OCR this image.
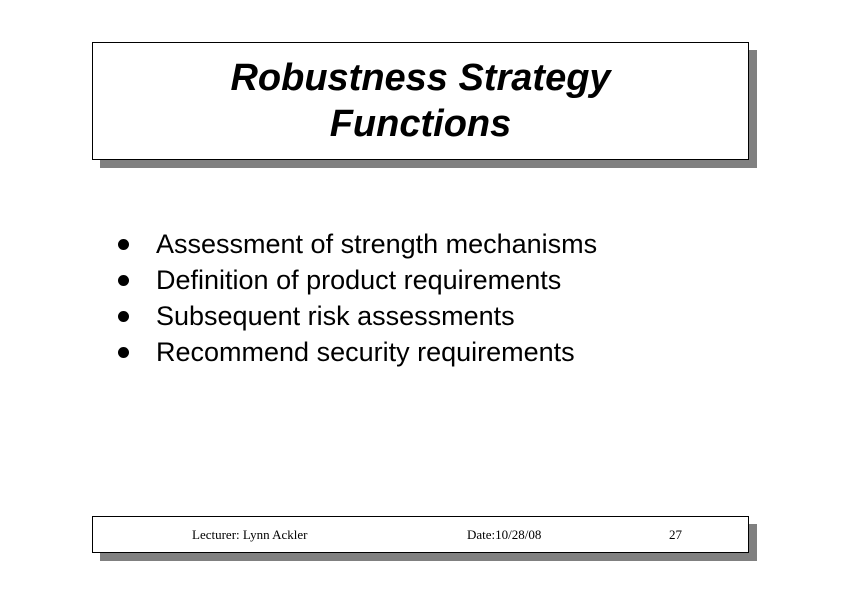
Robustness Strategy
Functions
Assessment of strength mechanisms
Definition of product requirements
Subsequent risk assessments
Recommend security requirements
Lecturer: Lynn Ackler	Date:10/28/08	27
